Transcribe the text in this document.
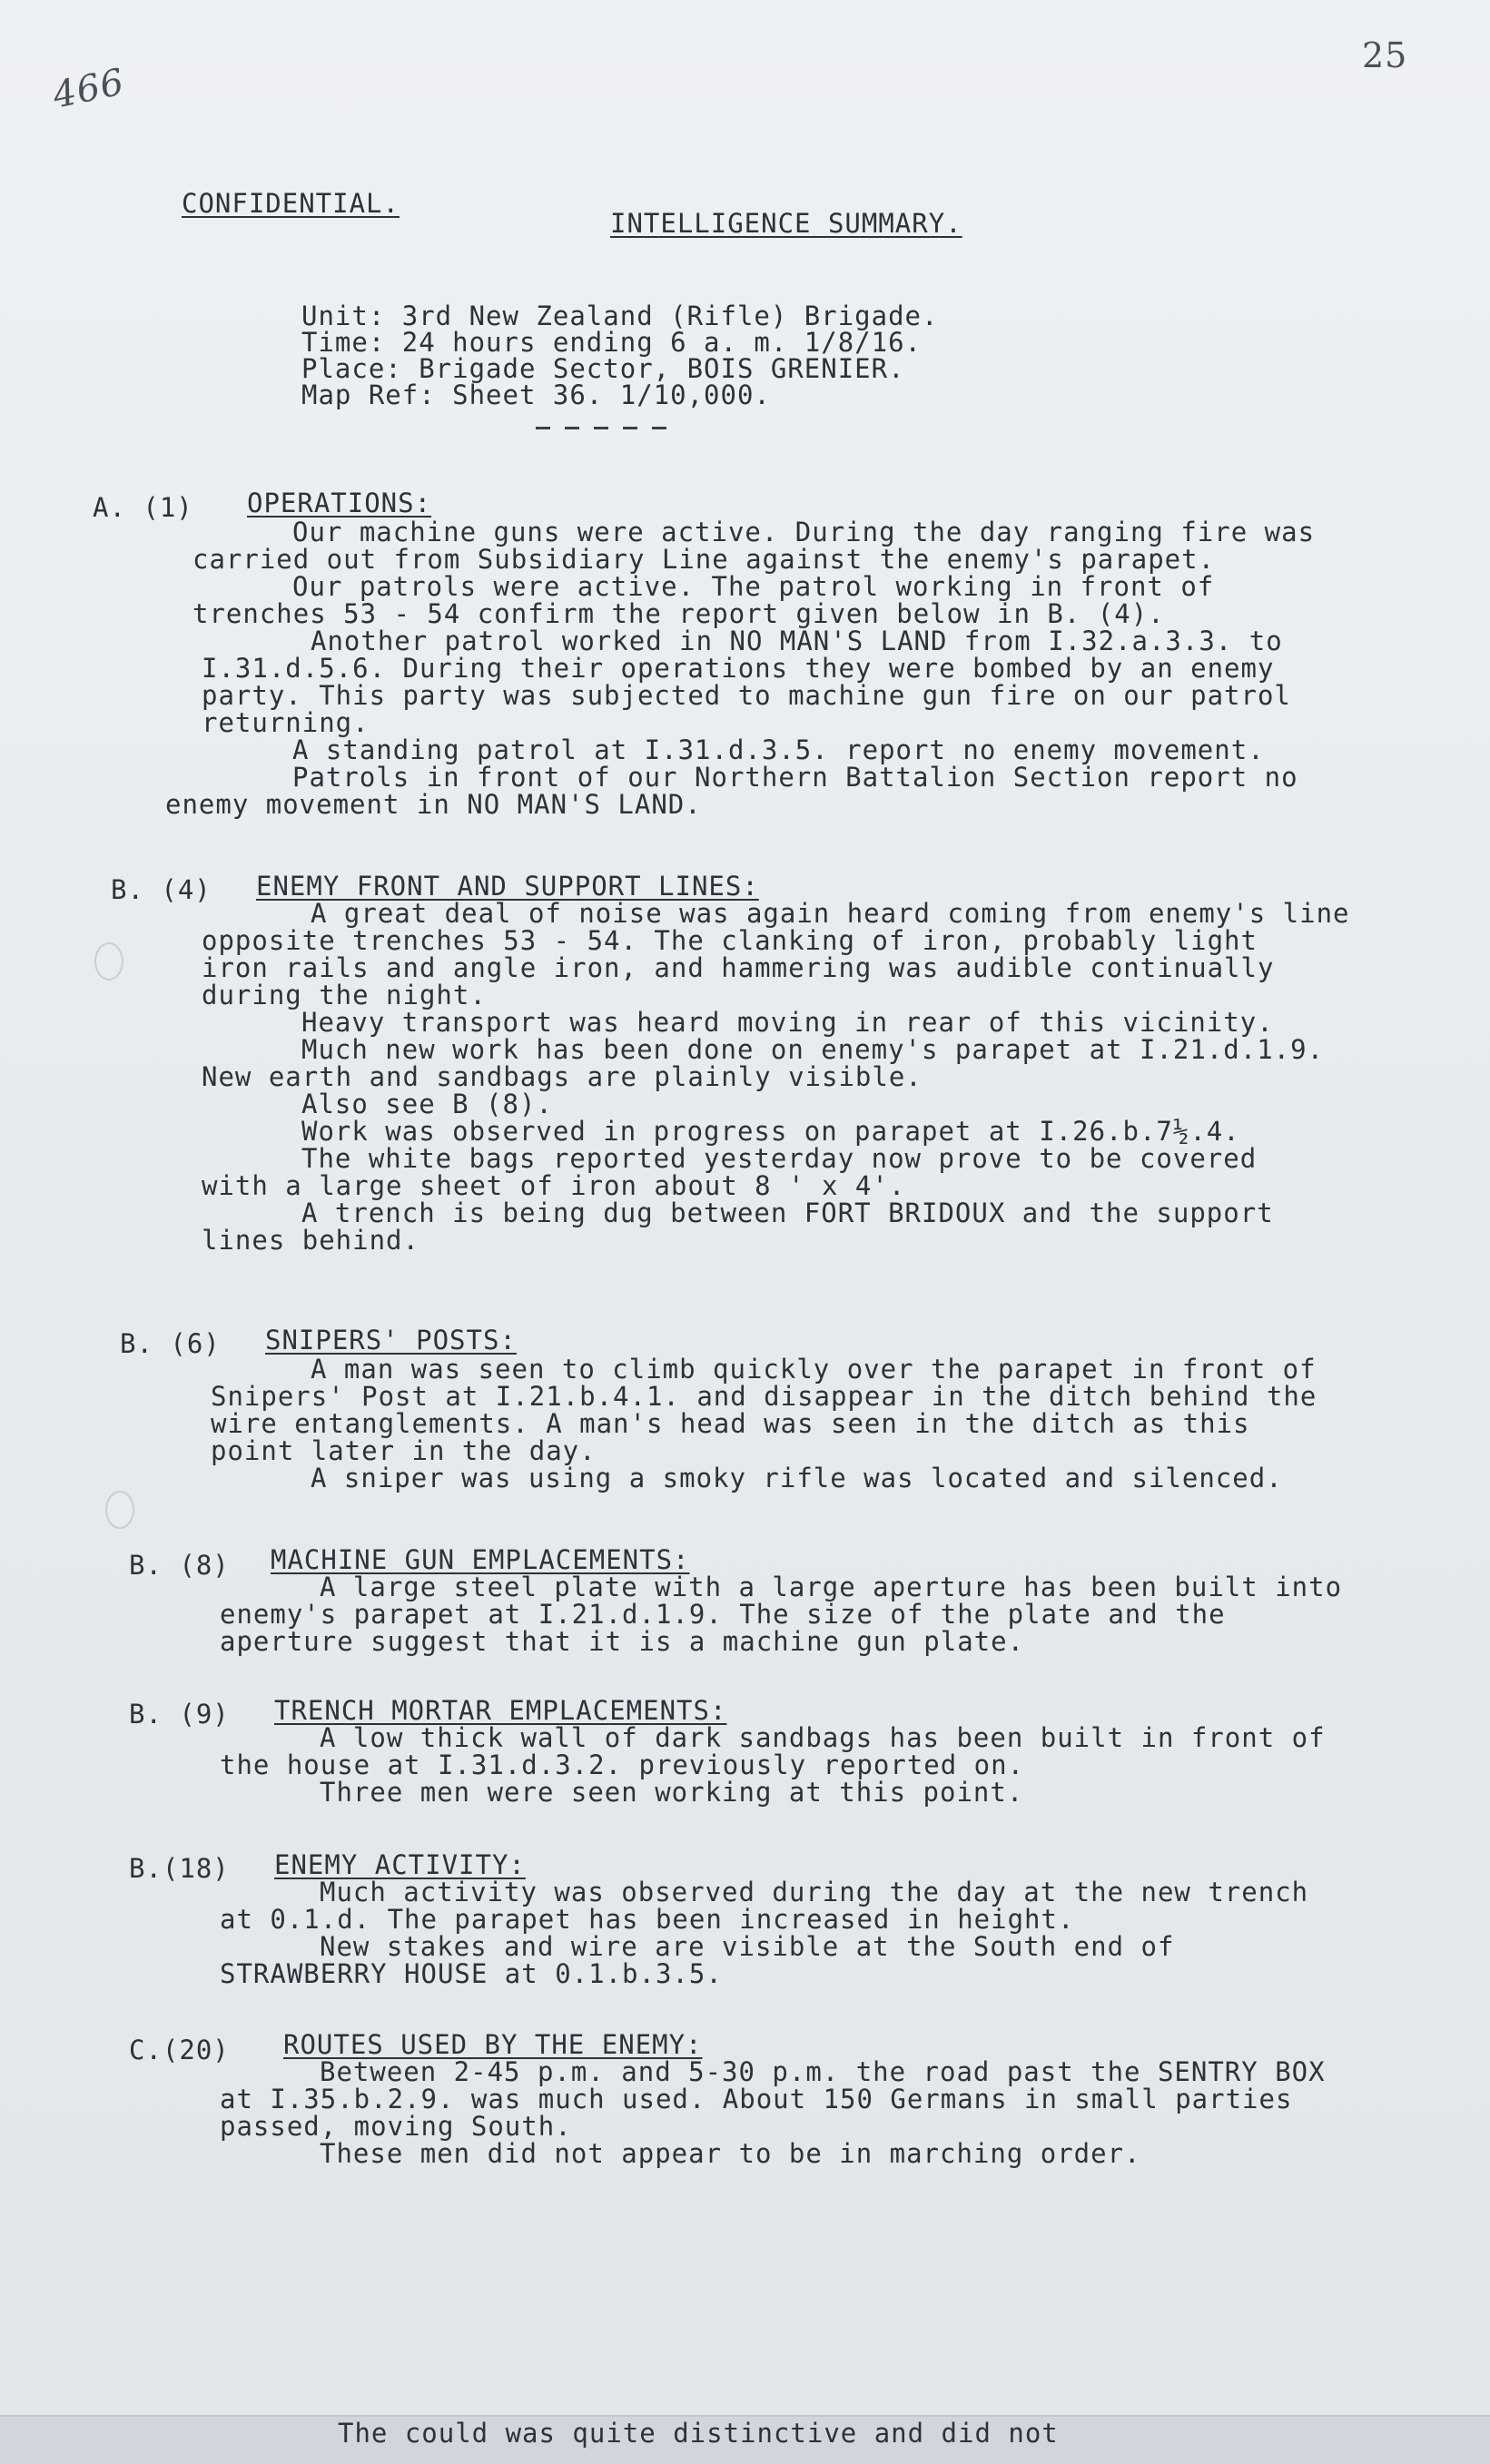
466
25
CONFIDENTIAL.
INTELLIGENCE SUMMARY.
Unit: 3rd New Zealand (Rifle) Brigade.
Time: 24 hours ending 6 a. m. 1/8/16.
Place: Brigade Sector, BOIS GRENIER.
Map Ref: Sheet 36. 1/10,000.
A. (1) OPERATIONS:
Our machine guns were active. During the day ranging fire was
carried out from Subsidiary Line against the enemy's parapet.
Our patrols were active. The patrol working in front of
trenches 53 - 54 confirm the report given below in B. (4).
Another patrol worked in NO MAN'S LAND from I.32.a.3.3. to
I.31.d.5.6. During their operations they were bombed by an enemy
party. This party was subjected to machine gun fire on our patrol
returning.
A standing patrol at I.31.d.3.5. report no enemy movement.
Patrols in front of our Northern Battalion Section report no
enemy movement in NO MAN'S LAND.
B. (4) ENEMY FRONT AND SUPPORT LINES:
A great deal of noise was again heard coming from enemy's line
opposite trenches 53 - 54. The clanking of iron, probably light
iron rails and angle iron, and hammering was audible continually
during the night.
Heavy transport was heard moving in rear of this vicinity.
Much new work has been done on enemy's parapet at I.21.d.1.9.
New earth and sandbags are plainly visible.
Also see B (8).
Work was observed in progress on parapet at I.26.b.7½.4.
The white bags reported yesterday now prove to be covered
with a large sheet of iron about 8 ' x 4'.
A trench is being dug between FORT BRIDOUX and the support
lines behind.
B. (6) SNIPERS' POSTS:
A man was seen to climb quickly over the parapet in front of
Snipers' Post at I.21.b.4.1. and disappear in the ditch behind the
wire entanglements. A man's head was seen in the ditch as this
point later in the day.
A sniper was using a smoky rifle was located and silenced.
B. (8) MACHINE GUN EMPLACEMENTS:
A large steel plate with a large aperture has been built into
enemy's parapet at I.21.d.1.9. The size of the plate and the
aperture suggest that it is a machine gun plate.
B. (9) TRENCH MORTAR EMPLACEMENTS:
A low thick wall of dark sandbags has been built in front of
the house at I.31.d.3.2. previously reported on.
Three men were seen working at this point.
B.(18) ENEMY ACTIVITY:
Much activity was observed during the day at the new trench
at 0.1.d. The parapet has been increased in height.
New stakes and wire are visible at the South end of
STRAWBERRY HOUSE at 0.1.b.3.5.
C.(20) ROUTES USED BY THE ENEMY:
Between 2-45 p.m. and 5-30 p.m. the road past the SENTRY BOX
at I.35.b.2.9. was much used. About 150 Germans in small parties
passed, moving South.
These men did not appear to be in marching order.
The could was quite distinctive and did not
